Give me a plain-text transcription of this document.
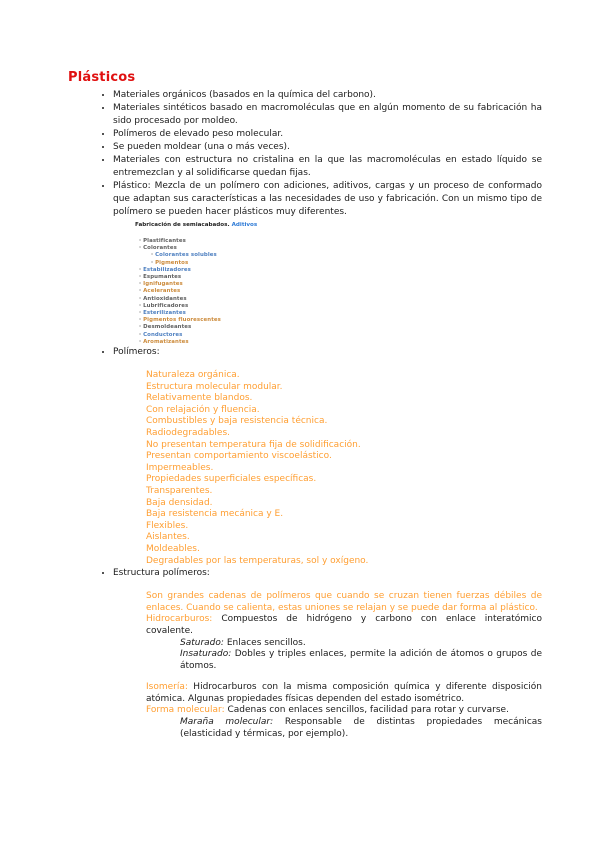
Plásticos
• Materiales orgánicos (basados en la química del carbono).
• Materiales sintéticos basado en macromoléculas que en algún momento de su fabricación ha sido procesado por moldeo.
• Polímeros de elevado peso molecular.
• Se pueden moldear (una o más veces).
• Materiales con estructura no cristalina en la que las macromoléculas en estado líquido se entremezclan y al solidificarse quedan fijas.
• Plástico: Mezcla de un polímero con adiciones, aditivos, cargas y un proceso de conformado que adaptan sus características a las necesidades de uso y fabricación. Con un mismo tipo de polímero se pueden hacer plásticos muy diferentes.
Fabricación de semiacabados. Aditivos
· Plastificantes
· Colorantes
· Colorantes solubles
· Pigmentos
· Estabilizadores
· Espumantes
· Ignifugantes
· Acelerantes
· Antioxidantes
· Lubrificadores
· Esterilizantes
· Pigmentos fluorescentes
· Desmoldeantes
· Conductores
· Aromatizantes
• Polímeros:
Naturaleza orgánica.
Estructura molecular modular.
Relativamente blandos.
Con relajación y fluencia.
Combustibles y baja resistencia técnica.
Radiodegradables.
No presentan temperatura fija de solidificación.
Presentan comportamiento viscoelástico.
Impermeables.
Propiedades superficiales específicas.
Transparentes.
Baja densidad.
Baja resistencia mecánica y E.
Flexibles.
Aislantes.
Moldeables.
Degradables por las temperaturas, sol y oxígeno.
• Estructura polímeros:
Son grandes cadenas de polímeros que cuando se cruzan tienen fuerzas débiles de enlaces. Cuando se calienta, estas uniones se relajan y se puede dar forma al plástico.
Hidrocarburos: Compuestos de hidrógeno y carbono con enlace interatómico covalente.
Saturado: Enlaces sencillos.
Insaturado: Dobles y triples enlaces, permite la adición de átomos o grupos de átomos.
Isomería: Hidrocarburos con la misma composición química y diferente disposición atómica. Algunas propiedades físicas dependen del estado isométrico.
Forma molecular: Cadenas con enlaces sencillos, facilidad para rotar y curvarse.
Maraña molecular: Responsable de distintas propiedades mecánicas (elasticidad y térmicas, por ejemplo).
